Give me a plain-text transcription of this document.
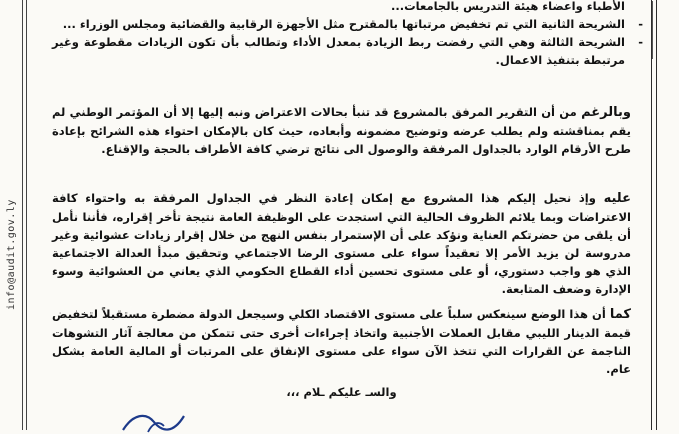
info@audit.gov.ly
الأطباء واعضاء هيئة التدريس بالجامعات...
-
الشريحة الثانية التي تم تخفيض مرتباتها بالمقترح مثل الأجهزة الرقابية والقضائية ومجلس الوزراء ...
-
الشريحة الثالثة وهي التي رفضت ربط الزيادة بمعدل الأداء وتطالب بأن تكون الزيادات مقطوعة وغير مرتبطة بتنفيذ الاعمال.

وبالرغم من أن التقرير المرفق بالمشروع قد تنبأ بحالات الاعتراض ونبه إليها إلا أن المؤتمر الوطني لم يقم بمناقشته ولم يطلب عرضه وتوضيح مضمونه وأبعاده، حيث كان بالإمكان احتواء هذه الشرائح بإعادة طرح الأرقام الوارد بالجداول المرفقة والوصول الى نتائج ترضي كافة الأطراف بالحجة والإقناع.

عليه وإذ نحيل إليكم هذا المشروع مع إمكان إعادة النظر في الجداول المرفقة به واحتواء كافة الاعتراضات وبما يلائم الظروف الحالية التي استجدت على الوظيفة العامة نتيجة تأخر إقراره، فأننا نأمل أن يلقى من حضرتكم العناية ونؤكد على أن الإستمرار بنفس النهج من خلال إقرار زيادات عشوائية وغير مدروسة لن يزيد الأمر إلا تعقيداً سواء على مستوى الرضا الاجتماعي وتحقيق مبدأ العدالة الاجتماعية الذي هو واجب دستوري، أو على مستوى تحسين أداء القطاع الحكومي الذي يعاني من العشوائية وسوء الإدارة وضعف المتابعة.

كما أن هذا الوضع سينعكس سلباً على مستوى الاقتصاد الكلي وسيجعل الدولة مضطرة مستقبلاً لتخفيض قيمة الدينار الليبي مقابل العملات الأجنبية واتخاذ إجراءات أخرى حتى تتمكن من معالجة آثار التشوهات الناجمة عن القرارات التي تتخذ الآن سواء على مستوى الإنفاق على المرتبات أو المالية العامة بشكل عام.

والسـ عليكم ـلام ،،،
